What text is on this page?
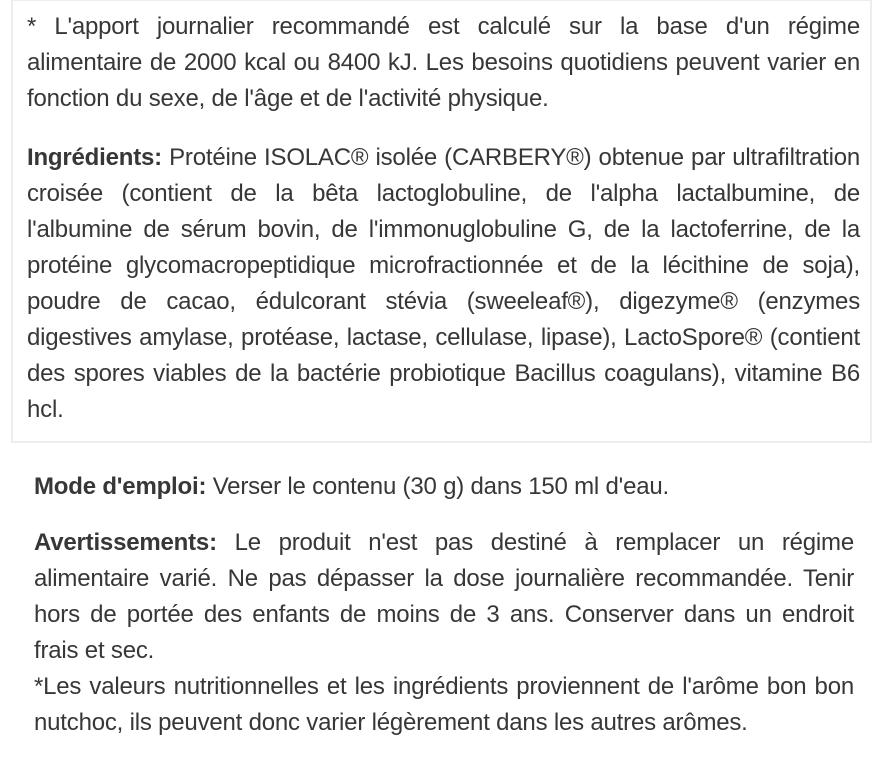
* L'apport journalier recommandé est calculé sur la base d'un régime alimentaire de 2000 kcal ou 8400 kJ. Les besoins quotidiens peuvent varier en fonction du sexe, de l'âge et de l'activité physique.

Ingrédients: Protéine ISOLAC® isolée (CARBERY®) obtenue par ultrafiltration croisée (contient de la bêta lactoglobuline, de l'alpha lactalbumine, de l'albumine de sérum bovin, de l'immonuglobuline G, de la lactoferrine, de la protéine glycomacropeptidique microfractionnée et de la lécithine de soja), poudre de cacao, édulcorant stévia (sweeleaf®), digezyme® (enzymes digestives amylase, protéase, lactase, cellulase, lipase), LactoSpore® (contient des spores viables de la bactérie probiotique Bacillus coagulans), vitamine B6 hcl.

Mode d'emploi: Verser le contenu (30 g) dans 150 ml d'eau.

Avertissements: Le produit n'est pas destiné à remplacer un régime alimentaire varié. Ne pas dépasser la dose journalière recommandée. Tenir hors de portée des enfants de moins de 3 ans. Conserver dans un endroit frais et sec.

*Les valeurs nutritionnelles et les ingrédients proviennent de l'arôme bon bon nutchoc, ils peuvent donc varier légèrement dans les autres arômes.
